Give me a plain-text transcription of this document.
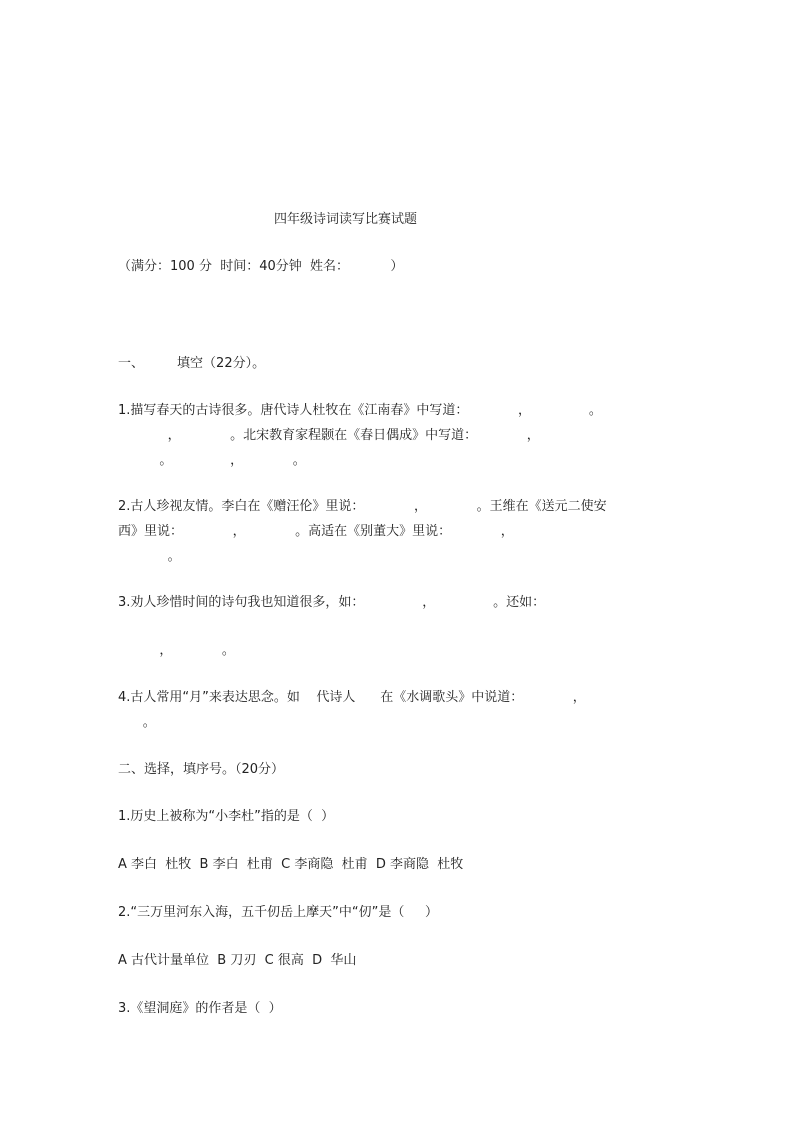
四年级诗词读写比赛试题
（满分：100 分  时间：40分钟  姓名：          ）
一、        填空（22分）。
1.描写春天的古诗很多。唐代诗人杜牧在《江南春》中写道：            ，              。
，            。北宋教育家程颢在《春日偶成》中写道：            ，
。              ，            。
2.古人珍视友情。李白在《赠汪伦》里说：            ，            。王维在《送元二使安
西》里说：            ，            。高适在《别董大》里说：            ，
。
3.劝人珍惜时间的诗句我也知道很多，如：              ，              。还如：
，            。
4.古人常用“月”来表达思念。如    代诗人      在《水调歌头》中说道：            ，
。
二、选择，填序号。（20分）
1.历史上被称为“小李杜”指的是（  ）
A 李白  杜牧  B 李白  杜甫  C 李商隐  杜甫  D 李商隐  杜牧
2.“三万里河东入海，五千仞岳上摩天”中“仞”是（     ）
A 古代计量单位  B 刀刃  C 很高  D  华山
3.《望洞庭》的作者是（  ）
